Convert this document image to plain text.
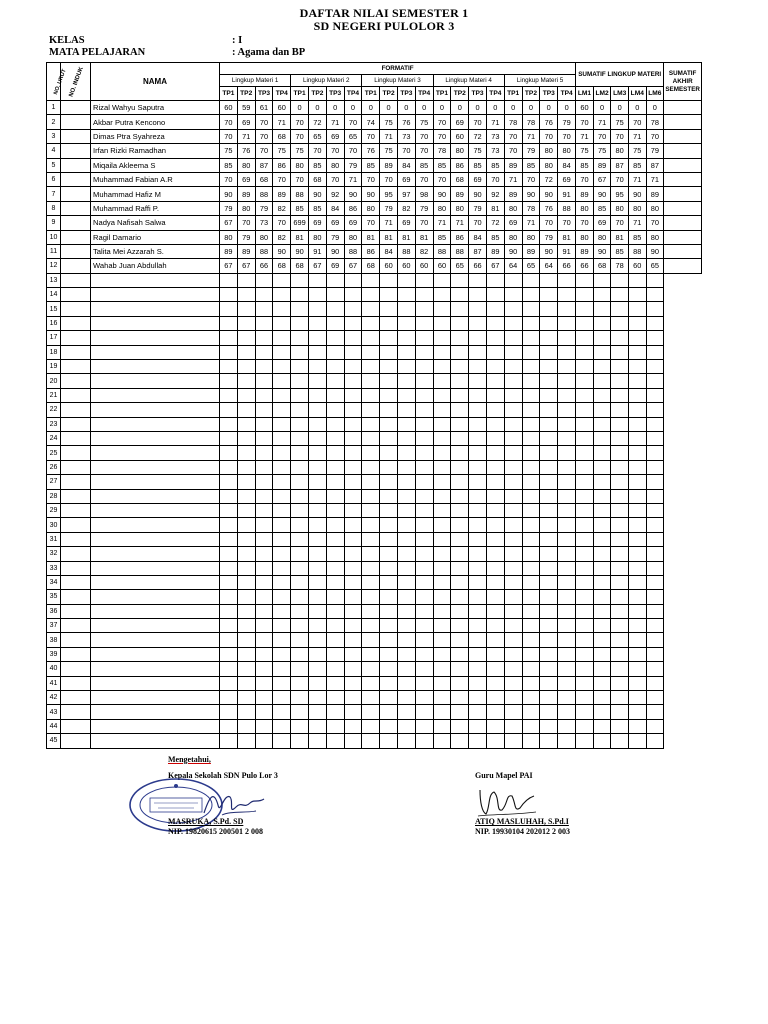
DAFTAR NILAI SEMESTER 1
SD NEGERI PULOLOR 3
KELAS	: I
MATA PELAJARAN	: Agama dan BP
NO. URUT	NO. INDUK	NAMA	FORMATIF																				SUMATIF LINGKUP MATERI					SUMATIF AKHIR SEMESTER
			Lingkup Materi 1				Lingkup Materi 2				Lingkup Materi 3				Lingkup Materi 4				Lingkup Materi 5									
			TP1	TP2	TP3	TP4	TP1	TP2	TP3	TP4	TP1	TP2	TP3	TP4	TP1	TP2	TP3	TP4	TP1	TP2	TP3	TP4	LM1	LM2	LM3	LM4	LM6	
1		Rizal Wahyu Saputra	60	59	61	60	0	0	0	0	0	0	0	0	0	0	0	0	0	0	0	0	60	0	0	0	0	
2		Akbar Putra Kencono	70	69	70	71	70	72	71	70	74	75	76	75	70	69	70	71	78	78	76	79	70	71	75	70	78	
3		Dimas Ptra Syahreza	70	71	70	68	70	65	69	65	70	71	73	70	70	60	72	73	70	71	70	70	71	70	70	71	70	
4		Irfan Rizki Ramadhan	75	76	70	75	75	70	70	70	76	75	70	70	78	80	75	73	70	79	80	80	75	75	80	75	79	
5		Miqaila Akleema S	85	80	87	86	80	85	80	79	85	89	84	85	85	86	85	85	89	85	80	84	85	89	87	85	87	
6		Muhammad Fabian A.R	70	69	68	70	70	68	70	71	70	70	69	70	70	68	69	70	71	70	72	69	70	67	70	71	71	
7		Muhammad Hafiz M	90	89	88	89	88	90	92	90	90	95	97	98	90	89	90	92	89	90	90	91	89	90	95	90	89	
8		Muhammad Raffi P.	79	80	79	82	85	85	84	86	80	79	82	79	80	80	79	81	80	78	76	88	80	85	80	80	80	
9		Nadya Nafisah Salwa	67	70	73	70	699	69	69	69	70	71	69	70	71	71	70	72	69	71	70	70	70	69	70	71	70	
10		Ragil Damario	80	79	80	82	81	80	79	80	81	81	81	81	85	86	84	85	80	80	79	81	80	80	81	85	80	
11		Talita Mei Azzarah S.	89	89	88	90	90	91	90	88	86	84	88	82	88	88	87	89	90	89	90	91	89	90	85	88	90	
12		Wahab Juan Abdullah	67	67	66	68	68	67	69	67	68	60	60	60	60	65	66	67	64	65	64	66	66	68	78	60	65	
13																												
14																												
15																												
16																												
17																												
18																												
19																												
20																												
21																												
22																												
23																												
24																												
25																												
26																												
27																												
28																												
29																												
30																												
31																												
32																												
33																												
34																												
35																												
36																												
37																												
38																												
39																												
40																												
41																												
42																												
43																												
44																												
45																												
Mengetahui,
Kepala Sekolah SDN Pulo Lor 3	Guru Mapel PAI
MASRUKA, S.Pd. SD
NIP. 19820615 200501 2 008
ATIQ MASLUHAH, S.Pd.I
NIP. 19930104 202012 2 003
